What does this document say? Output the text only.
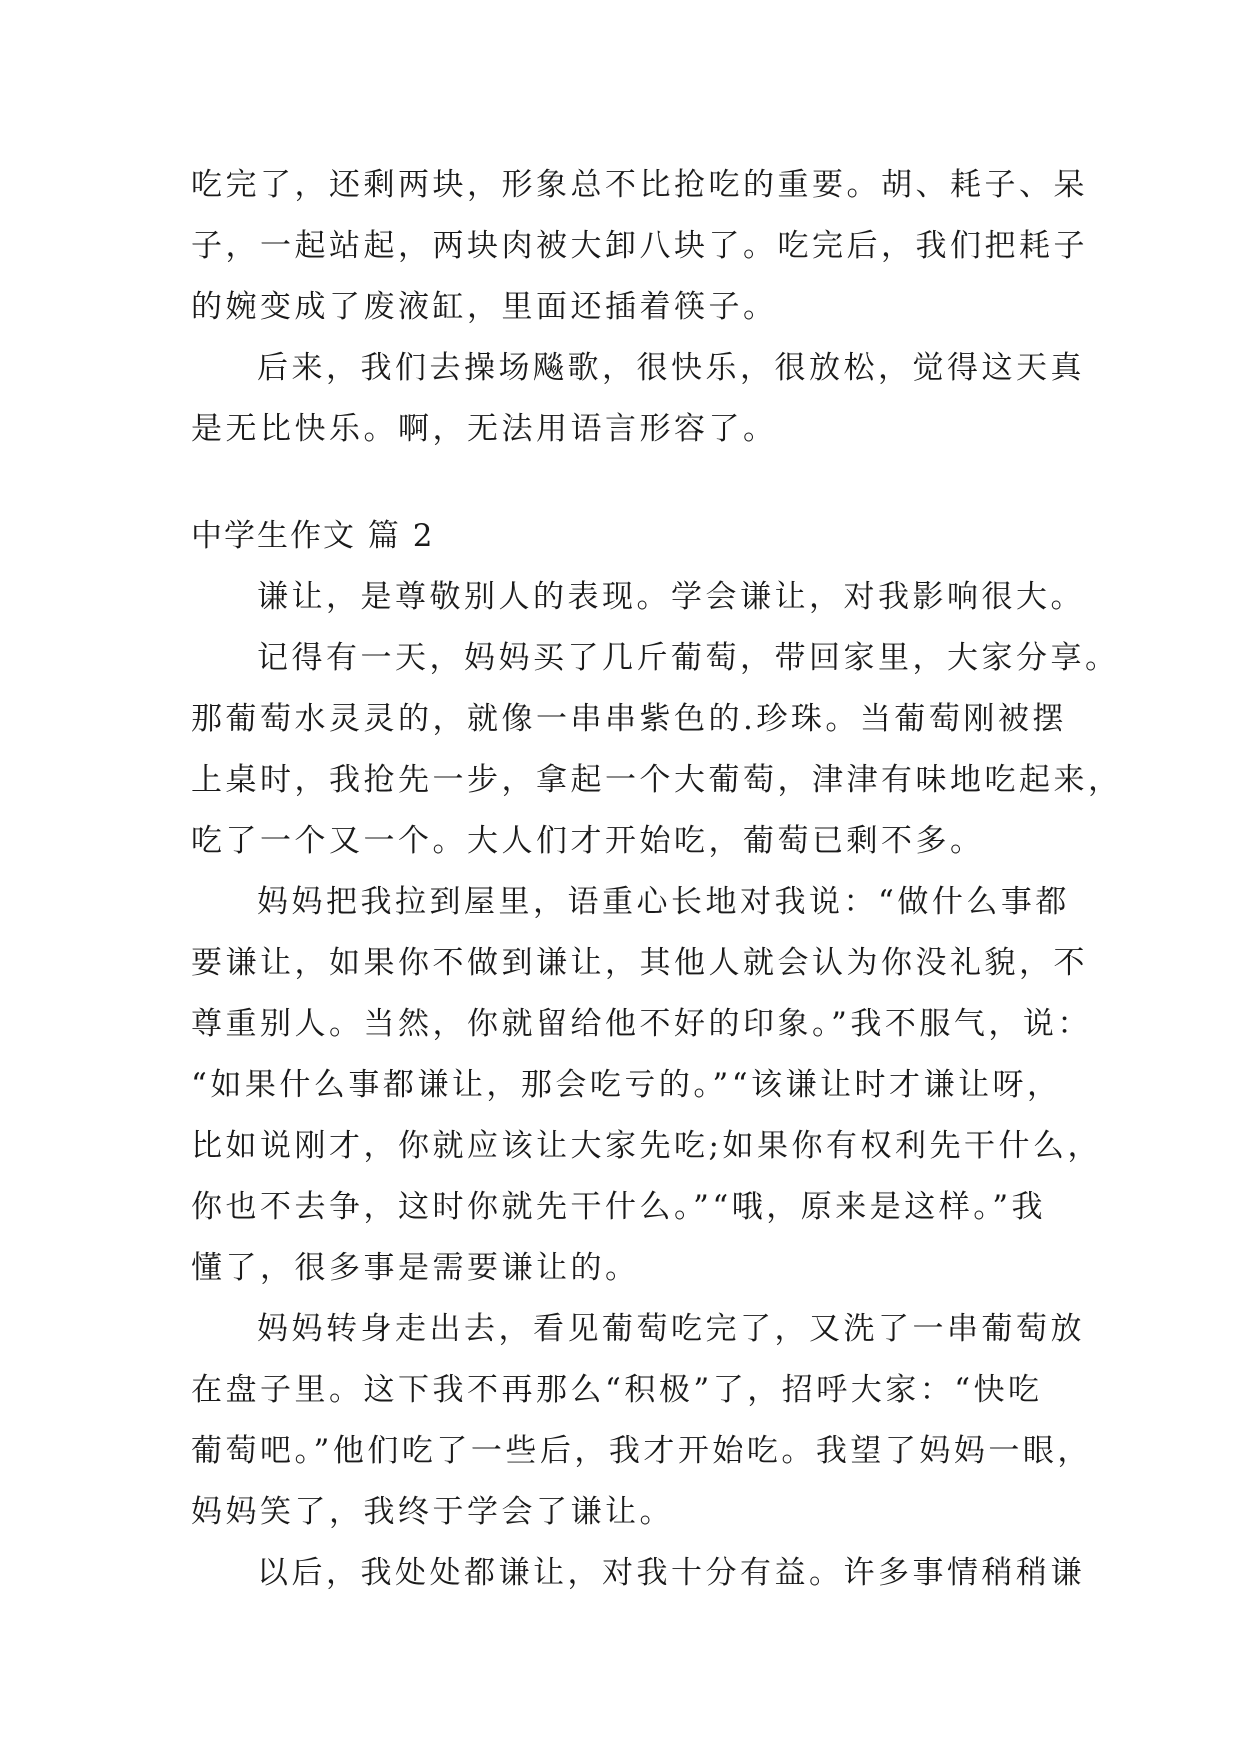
吃完了，还剩两块，形象总不比抢吃的重要。胡、耗子、呆
子，一起站起，两块肉被大卸八块了。吃完后，我们把耗子
的婉变成了废液缸，里面还插着筷子。
后来，我们去操场飚歌，很快乐，很放松，觉得这天真
是无比快乐。啊，无法用语言形容了。
中学生作文 篇 2
谦让，是尊敬别人的表现。学会谦让，对我影响很大。
记得有一天，妈妈买了几斤葡萄，带回家里，大家分享。
那葡萄水灵灵的，就像一串串紫色的.珍珠。当葡萄刚被摆
上桌时，我抢先一步，拿起一个大葡萄，津津有味地吃起来，
吃了一个又一个。大人们才开始吃，葡萄已剩不多。
妈妈把我拉到屋里，语重心长地对我说：“做什么事都
要谦让，如果你不做到谦让，其他人就会认为你没礼貌，不
尊重别人。当然，你就留给他不好的印象。”我不服气，说：
“如果什么事都谦让，那会吃亏的。”“该谦让时才谦让呀，
比如说刚才，你就应该让大家先吃;如果你有权利先干什么，
你也不去争，这时你就先干什么。”“哦，原来是这样。”我
懂了，很多事是需要谦让的。
妈妈转身走出去，看见葡萄吃完了，又洗了一串葡萄放
在盘子里。这下我不再那么“积极”了，招呼大家：“快吃
葡萄吧。”他们吃了一些后，我才开始吃。我望了妈妈一眼，
妈妈笑了，我终于学会了谦让。
以后，我处处都谦让，对我十分有益。许多事情稍稍谦
